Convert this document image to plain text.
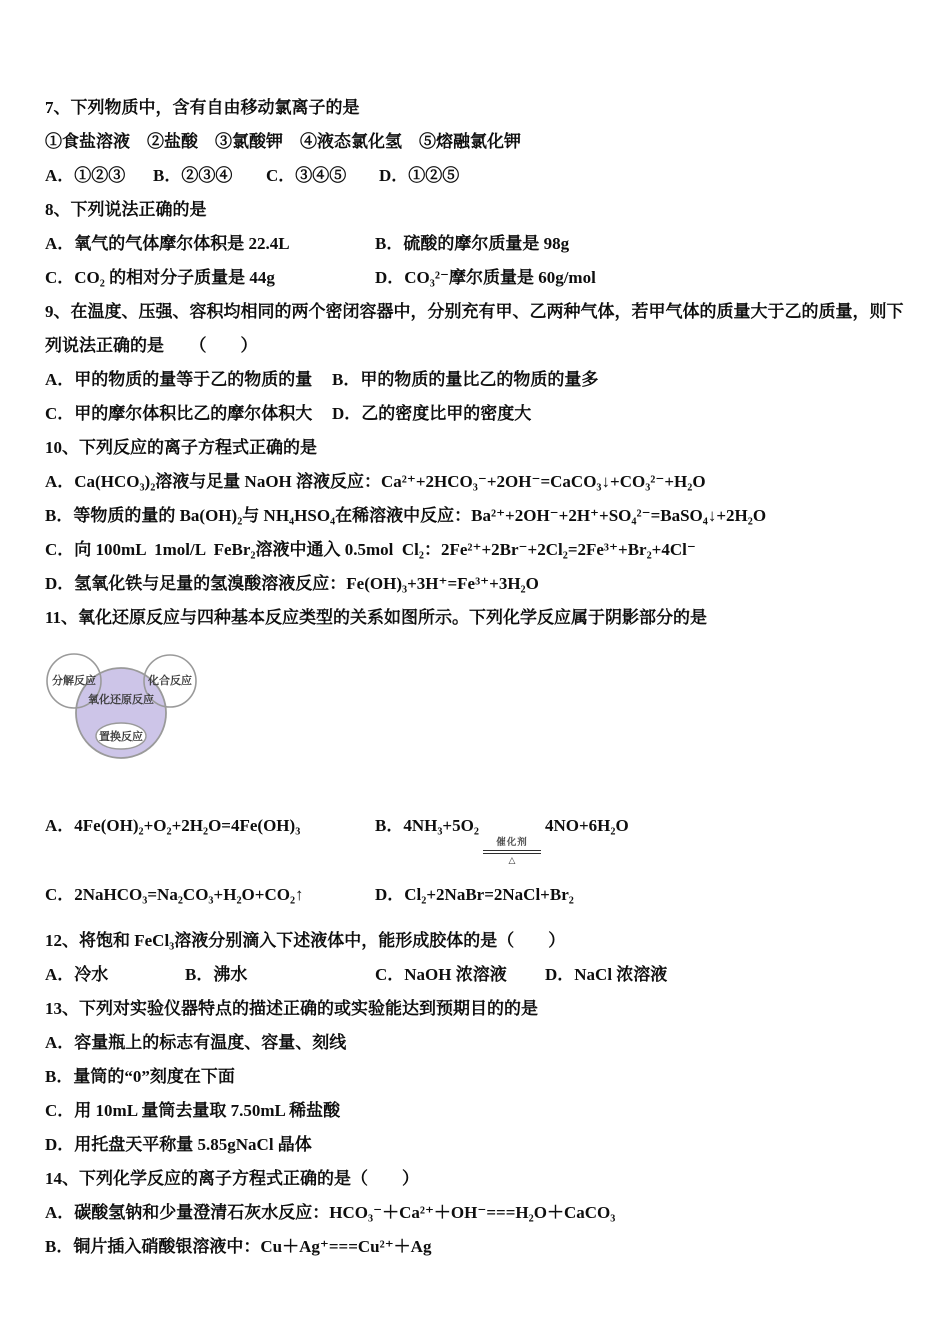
7、下列物质中，含有自由移动氯离子的是
①食盐溶液　②盐酸　③氯酸钾　④液态氯化氢　⑤熔融氯化钾
A．①②③	B．②③④	C．③④⑤	D．①②⑤
8、下列说法正确的是
A．氧气的气体摩尔体积是 22.4L	B．硫酸的摩尔质量是 98g
C．CO₂ 的相对分子质量是 44g	D．CO₃²⁻摩尔质量是 60g/mol
9、在温度、压强、容积均相同的两个密闭容器中，分别充有甲、乙两种气体，若甲气体的质量大于乙的质量，则下列说法正确的是　　（　　）
A．甲的物质的量等于乙的物质的量	B．甲的物质的量比乙的物质的量多
C．甲的摩尔体积比乙的摩尔体积大	D．乙的密度比甲的密度大
10、下列反应的离子方程式正确的是
A．Ca(HCO₃)₂溶液与足量 NaOH 溶液反应：Ca²⁺+2HCO₃⁻+2OH⁻=CaCO₃↓+CO₃²⁻+H₂O
B．等物质的量的 Ba(OH)₂与 NH₄HSO₄在稀溶液中反应：Ba²⁺+2OH⁻+2H⁺+SO₄²⁻=BaSO₄↓+2H₂O
C．向 100mL  1mol/L  FeBr₂溶液中通入 0.5mol  Cl₂：2Fe²⁺+2Br⁻+2Cl₂=2Fe³⁺+Br₂+4Cl⁻
D．氢氧化铁与足量的氢溴酸溶液反应：Fe(OH)₃+3H⁺=Fe³⁺+3H₂O
11、氧化还原反应与四种基本反应类型的关系如图所示。下列化学反应属于阴影部分的是
分解反应	化合反应
氧化还原反应
置换反应
A．4Fe(OH)₂+O₂+2H₂O=4Fe(OH)₃	B．4NH₃+5O₂
催化剂
△
4NO+6H₂O
C．2NaHCO₃=Na₂CO₃+H₂O+CO₂↑	D．Cl₂+2NaBr=2NaCl+Br₂
12、将饱和 FeCl₃溶液分别滴入下述液体中，能形成胶体的是（　　）
A．冷水	B．沸水	C．NaOH 浓溶液	D．NaCl 浓溶液
13、下列对实验仪器特点的描述正确的或实验能达到预期目的的是
A．容量瓶上的标志有温度、容量、刻线
B．量筒的“0”刻度在下面
C．用 10mL 量筒去量取 7.50mL 稀盐酸
D．用托盘天平称量 5.85gNaCl 晶体
14、下列化学反应的离子方程式正确的是（　　）
A．碳酸氢钠和少量澄清石灰水反应：HCO₃⁻＋Ca²⁺＋OH⁻===H₂O＋CaCO₃
B．铜片插入硝酸银溶液中：Cu＋Ag⁺===Cu²⁺＋Ag
